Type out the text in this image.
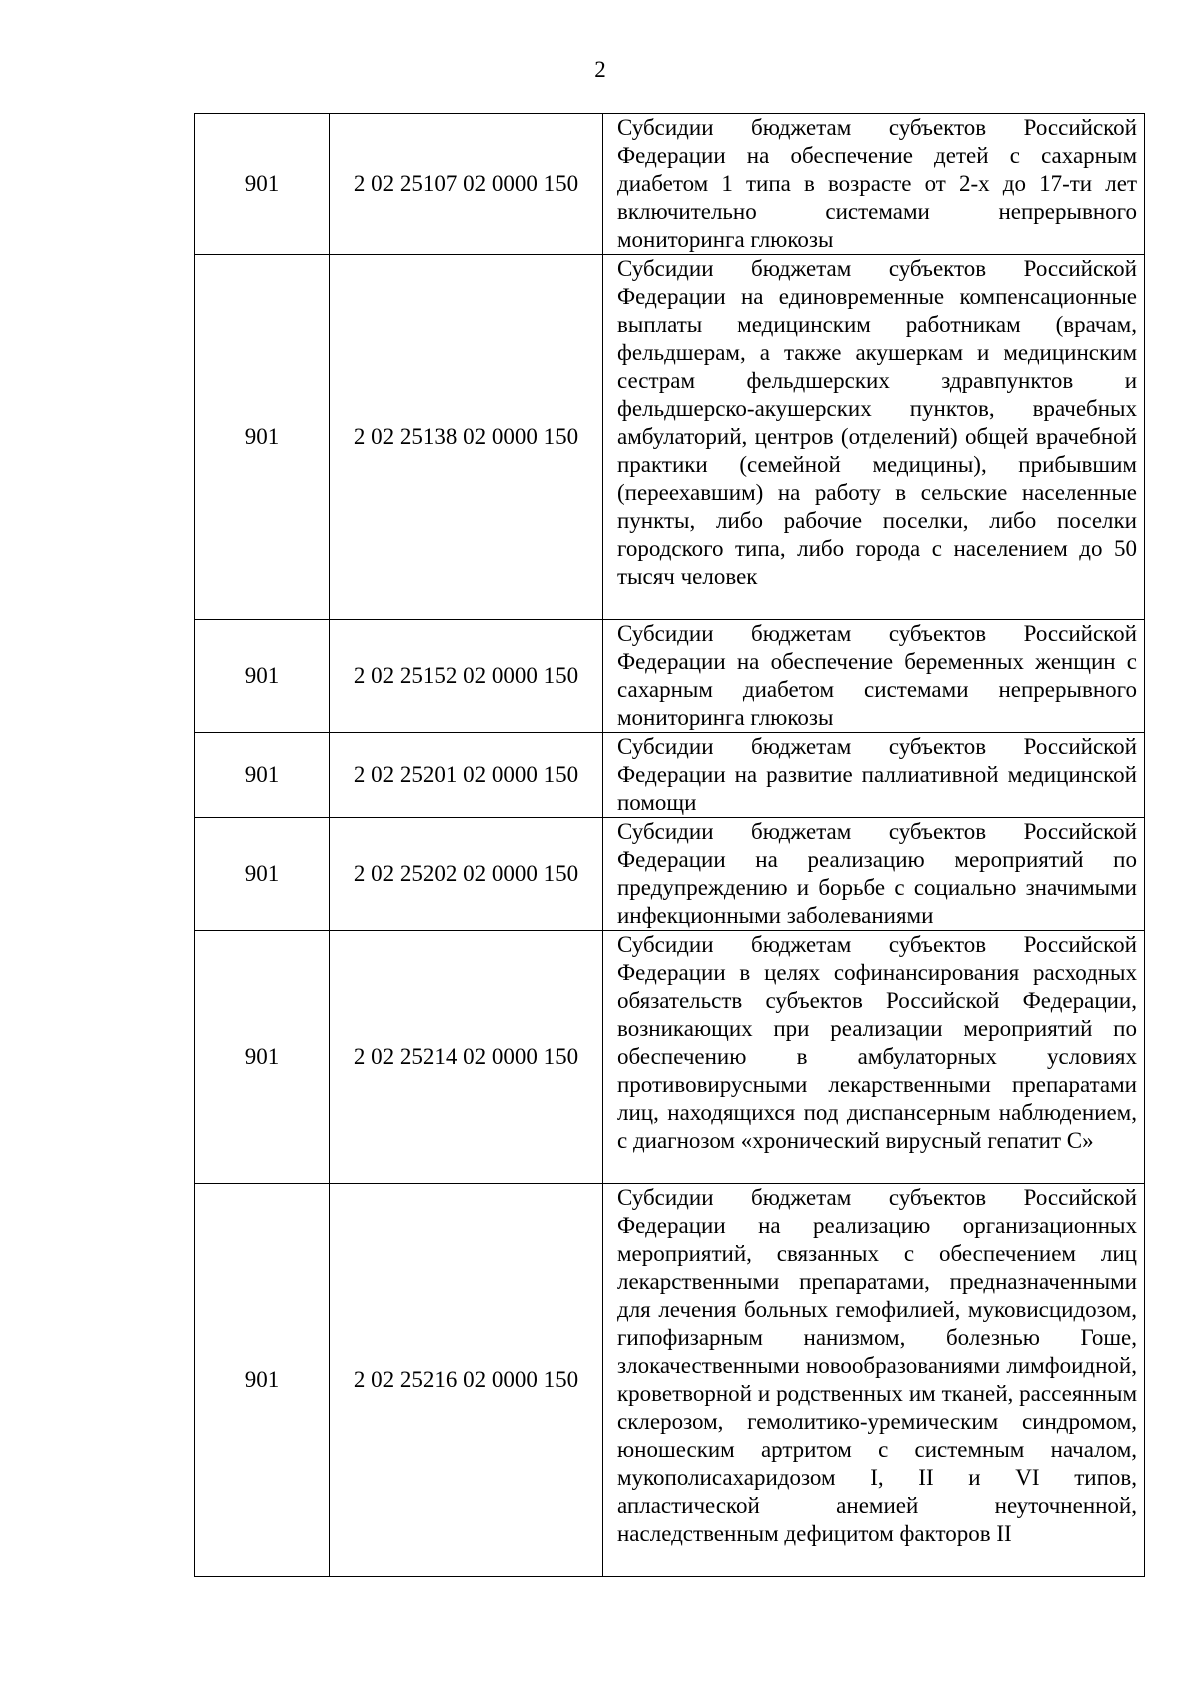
2
901	2 02 25107 02 0000 150	Субсидии бюджетам субъектов Российской Федерации на обеспечение детей с сахарным диабетом 1 типа в возрасте от 2-х до 17-ти лет включительно системами непрерывного мониторинга глюкозы
901	2 02 25138 02 0000 150	Субсидии бюджетам субъектов Российской Федерации на единовременные компенсационные выплаты медицинским работникам (врачам, фельдшерам, а также акушеркам и медицинским сестрам фельдшерских здравпунктов и фельдшерско-акушерских пунктов, врачебных амбулаторий, центров (отделений) общей врачебной практики (семейной медицины), прибывшим (переехавшим) на работу в сельские населенные пункты, либо рабочие поселки, либо поселки городского типа, либо города с населением до 50 тысяч человек
901	2 02 25152 02 0000 150	Субсидии бюджетам субъектов Российской Федерации на обеспечение беременных женщин с сахарным диабетом системами непрерывного мониторинга глюкозы
901	2 02 25201 02 0000 150	Субсидии бюджетам субъектов Российской Федерации на развитие паллиативной медицинской помощи
901	2 02 25202 02 0000 150	Субсидии бюджетам субъектов Российской Федерации на реализацию мероприятий по предупреждению и борьбе с социально значимыми инфекционными заболеваниями
901	2 02 25214 02 0000 150	Субсидии бюджетам субъектов Российской Федерации в целях софинансирования расходных обязательств субъектов Российской Федерации, возникающих при реализации мероприятий по обеспечению в амбулаторных условиях противовирусными лекарственными препаратами лиц, находящихся под диспансерным наблюдением, с диагнозом «хронический вирусный гепатит С»
901	2 02 25216 02 0000 150	Субсидии бюджетам субъектов Российской Федерации на реализацию организационных мероприятий, связанных с обеспечением лиц лекарственными препаратами, предназначенными для лечения больных гемофилией, муковисцидозом, гипофизарным нанизмом, болезнью Гоше, злокачественными новообразованиями лимфоидной, кроветворной и родственных им тканей, рассеянным склерозом, гемолитико-уремическим синдромом, юношеским артритом с системным началом, мукополисахаридозом I, II и VI типов, апластической анемией неуточненной, наследственным дефицитом факторов II
